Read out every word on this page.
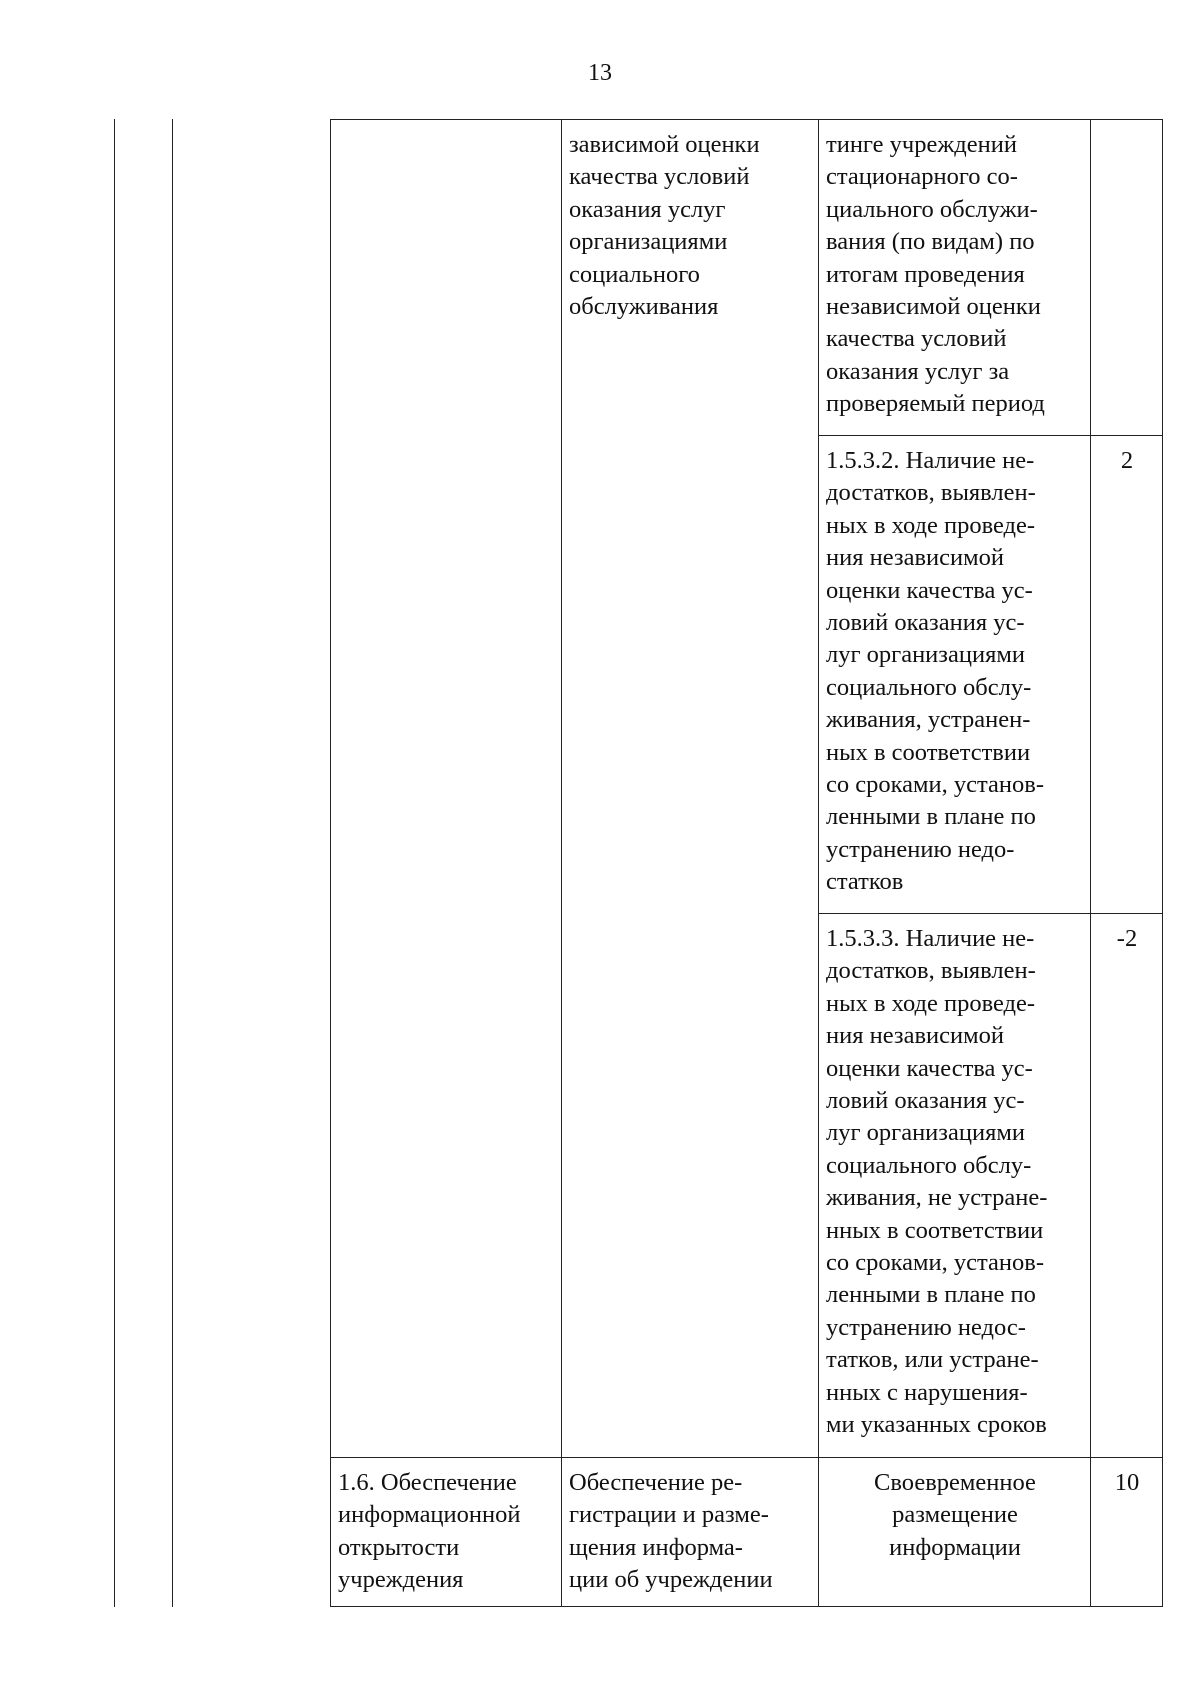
13
зависимой оценки
качества условий
оказания услуг
организациями
социального
обслуживания
тинге учреждений
стационарного со-
циального обслужи-
вания (по видам) по
итогам проведения
независимой оценки
качества условий
оказания услуг за
проверяемый период
1.5.3.2. Наличие не-
достатков, выявлен-
ных в ходе проведе-
ния независимой
оценки качества ус-
ловий оказания ус-
луг организациями
социального обслу-
живания, устранен-
ных в соответствии
со сроками, установ-
ленными в плане по
устранению недо-
статков
2
1.5.3.3. Наличие не-
достатков, выявлен-
ных в ходе проведе-
ния независимой
оценки качества ус-
ловий оказания ус-
луг организациями
социального обслу-
живания, не устране-
нных в соответствии
со сроками, установ-
ленными в плане по
устранению недос-
татков, или устране-
нных с нарушения-
ми указанных сроков
-2
1.6. Обеспечение
информационной
открытости
учреждения
Обеспечение ре-
гистрации и разме-
щения информа-
ции об учреждении
Своевременное
размещение
информации
10
